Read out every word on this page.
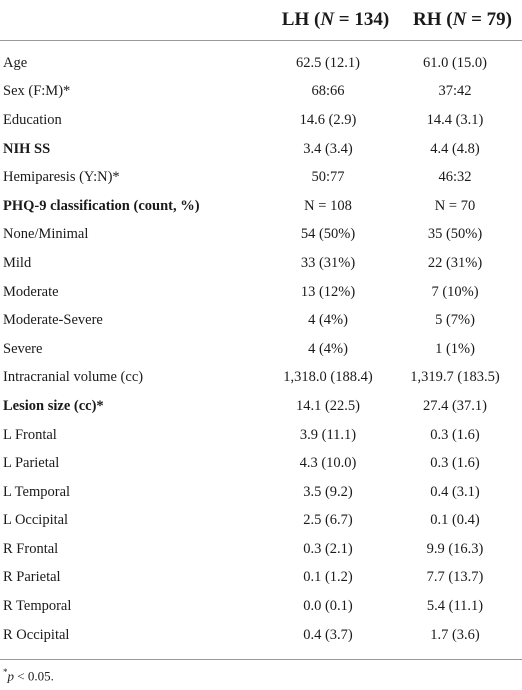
LH (N = 134)	RH (N = 79)
Age	62.5 (12.1)	61.0 (15.0)
Sex (F:M)*	68:66	37:42
Education	14.6 (2.9)	14.4 (3.1)
NIH SS	3.4 (3.4)	4.4 (4.8)
Hemiparesis (Y:N)*	50:77	46:32
PHQ-9 classification (count, %)	N = 108	N = 70
None/Minimal	54 (50%)	35 (50%)
Mild	33 (31%)	22 (31%)
Moderate	13 (12%)	7 (10%)
Moderate-Severe	4 (4%)	5 (7%)
Severe	4 (4%)	1 (1%)
Intracranial volume (cc)	1,318.0 (188.4)	1,319.7 (183.5)
Lesion size (cc)*	14.1 (22.5)	27.4 (37.1)
L Frontal	3.9 (11.1)	0.3 (1.6)
L Parietal	4.3 (10.0)	0.3 (1.6)
L Temporal	3.5 (9.2)	0.4 (3.1)
L Occipital	2.5 (6.7)	0.1 (0.4)
R Frontal	0.3 (2.1)	9.9 (16.3)
R Parietal	0.1 (1.2)	7.7 (13.7)
R Temporal	0.0 (0.1)	5.4 (11.1)
R Occipital	0.4 (3.7)	1.7 (3.6)
*p < 0.05.
